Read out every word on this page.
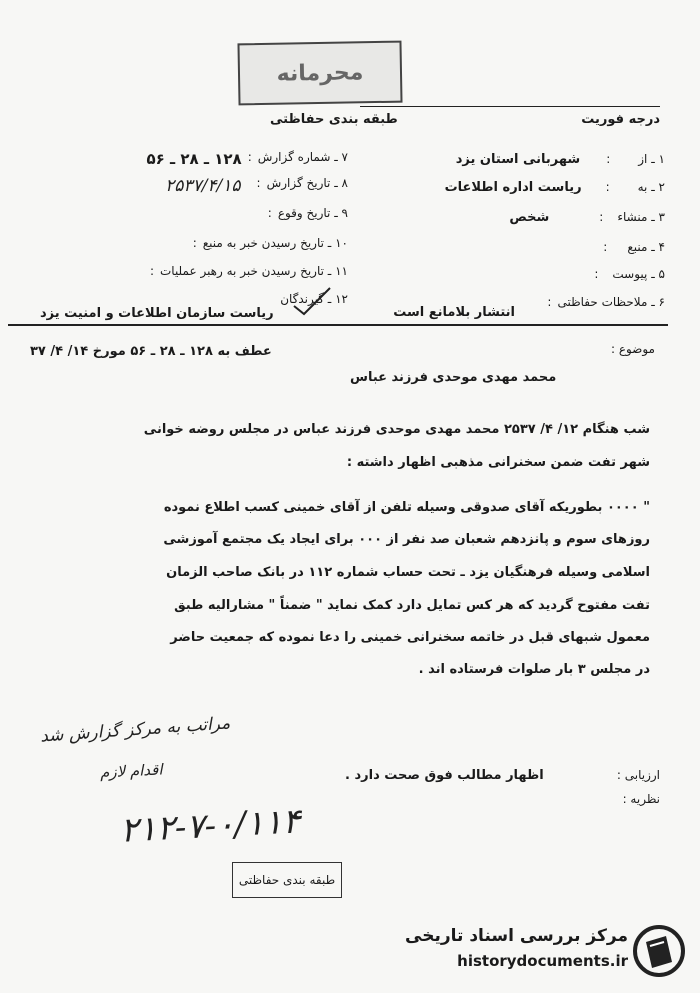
محرمانه
درجه فوریت
طبقه بندی حفاظتی
۱ ـ از
:
شهربانی استان یزد
۲ ـ به
:
ریاست اداره اطلاعات
۳ ـ منشاء
:
شخص
۴ ـ منبع
:
۵ ـ پیوست
:
۶ ـ ملاحظات حفاظتی
:
انتشار بلامانع است
۷ ـ شماره گزارش
:
۱۲۸ ـ ۲۸ ـ ۵۶
۸ ـ تاریخ گزارش
:
۲۵۳۷/۴/۱۵
۹ ـ تاریخ وقوع
:
۱۰ ـ تاریخ رسیدن خبر به منبع
:
۱۱ ـ تاریخ رسیدن خبر به رهبر عملیات
:
۱۲ ـ گیرندگان
ریاست سازمان اطلاعات و امنیت یزد
موضوع :
عطف به ۱۲۸ ـ ۲۸ ـ ۵۶ مورخ ۱۴/ ۴/ ۳۷
محمد مهدی موحدی فرزند عباس
شب هنگام ۱۲/ ۴/ ۲۵۳۷ محمد مهدی موحدی فرزند عباس در مجلس روضه خوانی
شهر تفت ضمن سخنرانی مذهبی اظهار داشته :
" ۰۰۰۰ بطوریکه آقای صدوقی وسیله تلفن از آقای خمینی کسب اطلاع نموده
روزهای سوم و پانزدهم شعبان صد نفر از ۰۰۰ برای ایجاد یک مجتمع آموزشی
اسلامی وسیله فرهنگیان یزد ـ تحت حساب شماره ۱۱۲ در بانک صاحب الزمان
تفت مفتوح گردید که هر کس تمایل دارد کمک نماید " ضمناً " مشارالیه طبق
معمول شبهای قبل در خاتمه سخنرانی خمینی را دعا نموده که جمعیت حاضر
در مجلس ۳ بار صلوات فرستاده اند .
مراتب به مرکز گزارش شد
اقدام لازم	ارزیابی :
اظهار مطالب فوق صحت دارد .
نظریه :
۲۱۲-۷-۰/۱۱۴
طبقه بندی حفاظتی
مرکز بررسی اسناد تاریخی
historydocuments.ir
